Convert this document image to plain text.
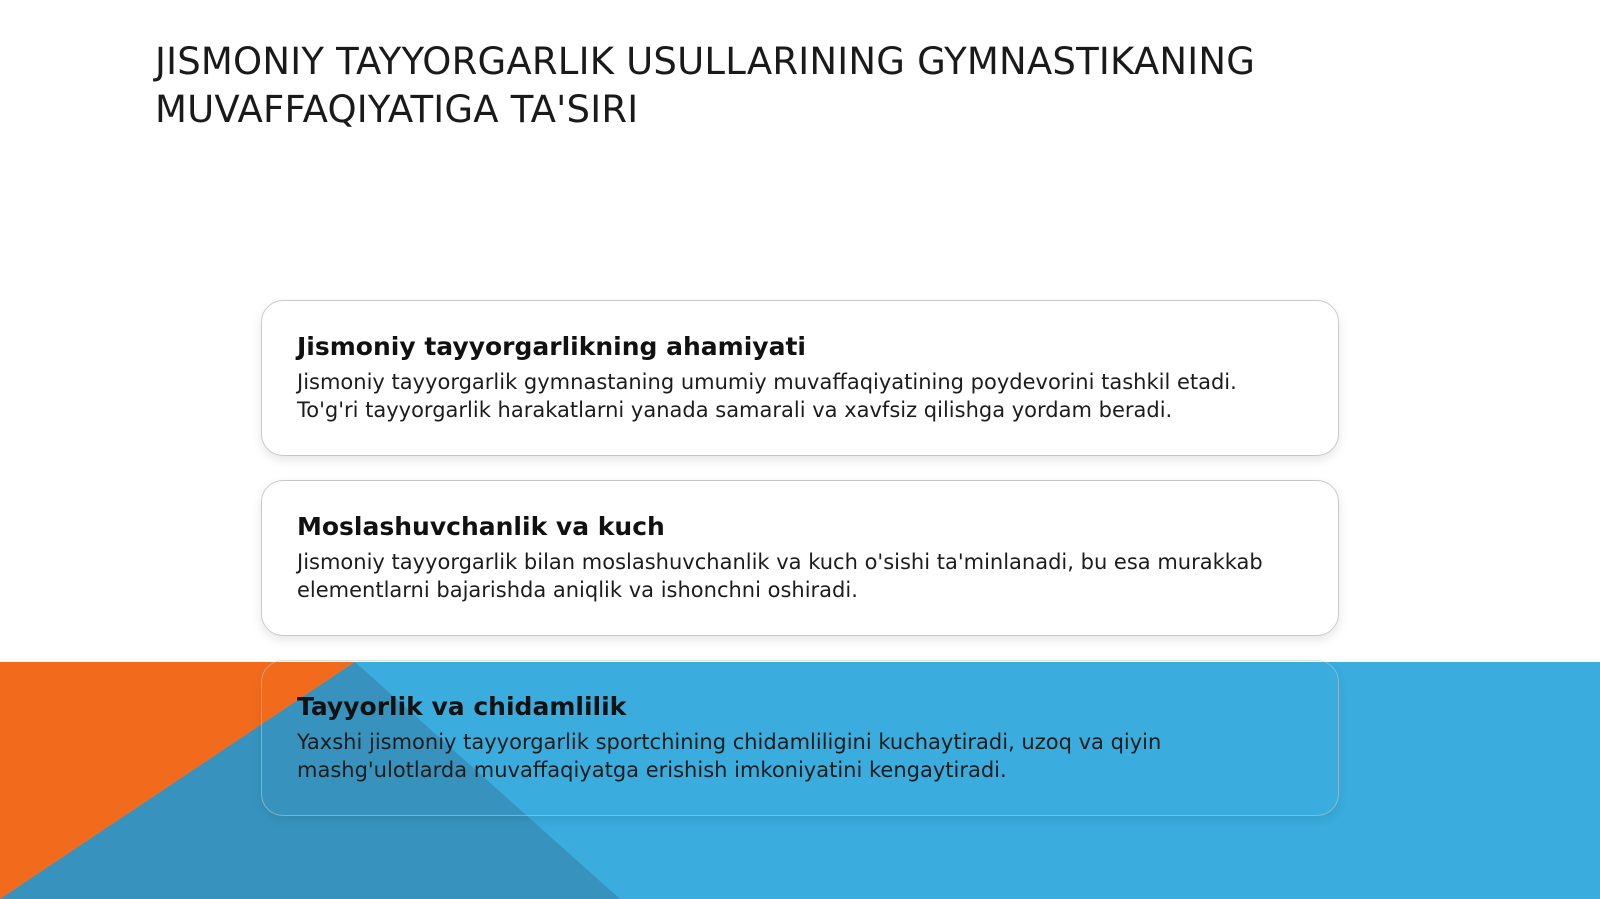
JISMONIY TAYYORGARLIK USULLARINING GYMNASTIKANING MUVAFFAQIYATIGA TA'SIRI
Jismoniy tayyorgarlikning ahamiyati

Jismoniy tayyorgarlik gymnastaning umumiy muvaffaqiyatining poydevorini tashkil etadi. To'g'ri tayyorgarlik harakatlarni yanada samarali va xavfsiz qilishga yordam beradi.

Moslashuvchanlik va kuch

Jismoniy tayyorgarlik bilan moslashuvchanlik va kuch o'sishi ta'minlanadi, bu esa murakkab elementlarni bajarishda aniqlik va ishonchni oshiradi.

Tayyorlik va chidamlilik

Yaxshi jismoniy tayyorgarlik sportchining chidamliligini kuchaytiradi, uzoq va qiyin mashg'ulotlarda muvaffaqiyatga erishish imkoniyatini kengaytiradi.
